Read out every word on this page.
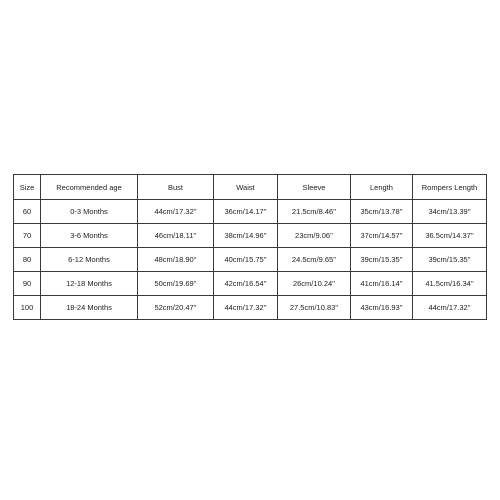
Size	Recommended age	Bust	Waist	Sleeve	Length	Rompers Length
60	0-3 Months	44cm/17.32''	36cm/14.17''	21.5cm/8.46''	35cm/13.78''	34cm/13.39''
70	3-6 Months	46cm/18.11''	38cm/14.96''	23cm/9.06''	37cm/14.57''	36.5cm/14.37''
80	6-12 Months	48cm/18.90''	40cm/15.75''	24.5cm/9.65''	39cm/15.35''	39cm/15.35''
90	12-18 Months	50cm/19.69''	42cm/16.54''	26cm/10.24''	41cm/16.14''	41.5cm/16.34''
100	18-24 Months	52cm/20.47''	44cm/17.32''	27.5cm/10.83''	43cm/16.93''	44cm/17.32''
